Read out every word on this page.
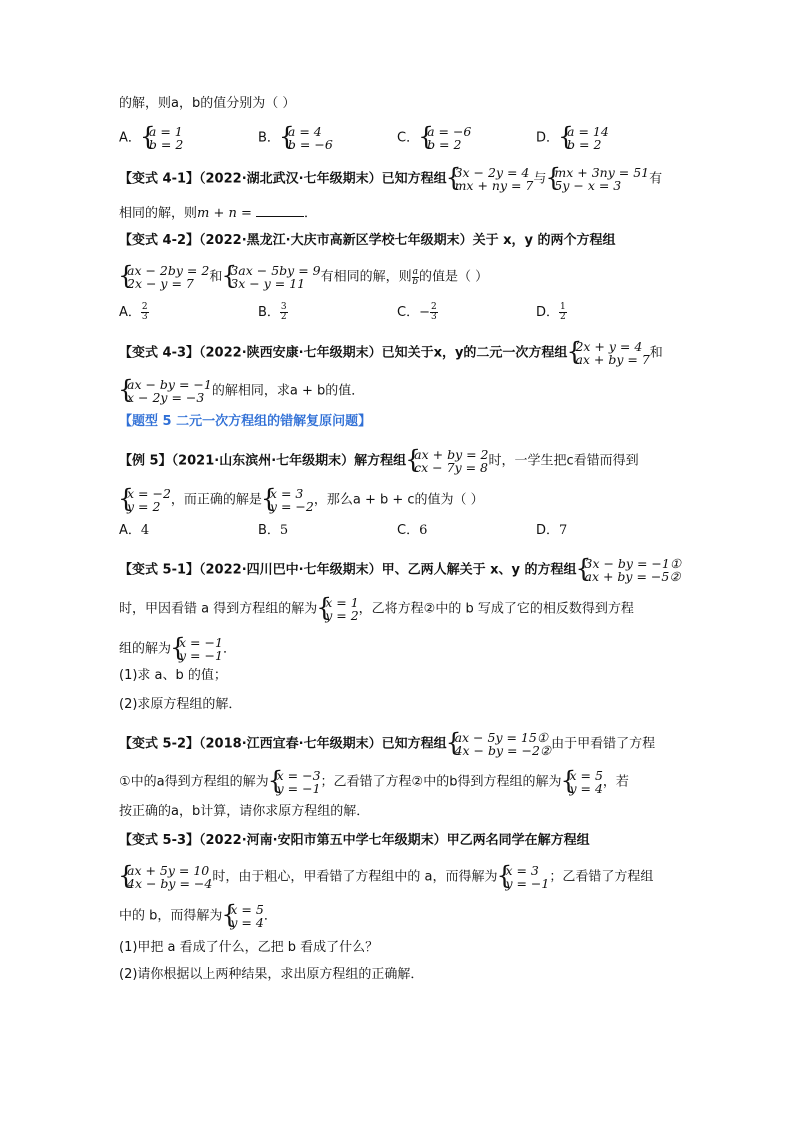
的解，则a，b的值分别为（ ）
A． { a = 1
b = 2	B． { a = 4
b = −6	C． { a = −6
b = 2	D． { a = 14
b = 2
【变式 4-1】（2022·湖北武汉·七年级期末）已知方程组 { 3x − 2y = 4
mx + ny = 7 与 { mx + 3ny = 51
5y − x = 3	有
相同的解，则m + n =	．
【变式 4-2】（2022·黑龙江·大庆市高新区学校七年级期末）关于 x，y 的两个方程组
{ ax − 2by = 2
2x − y = 7	和 { 3ax − 5by = 9
3x − y = 11	有相同的解，则 $\frac{a}{b}$ 的值是（ ）
A． $\frac{2}{3}$	B． $\frac{3}{2}$	C．− $\frac{2}{3}$	D． $\frac{1}{2}$
【变式 4-3】（2022·陕西安康·七年级期末）已知关于x，y的二元一次方程组 { 2x + y = 4
ax + by = 7 和
{ ax − by = −1
x − 2y = −3 的解相同，求a + b的值．
【题型 5 二元一次方程组的错解复原问题】
【例 5】（2021·山东滨州·七年级期末）解方程组 { ax + by = 2
cx − 7y = 8 时，一学生把c看错而得到
{ x = −2
y = 2 ，而正确的解是 { x = 3
y = −2 ，那么a + b + c的值为（ ）
A．4	B．5	C．6	D．7
【变式 5-1】（2022·四川巴中·七年级期末）甲、乙两人解关于 x、y 的方程组 { 3x − by = −1①
ax + by = −5②
时，甲因看错 a 得到方程组的解为 { x = 1
y = 2 ，乙将方程②中的 b 写成了它的相反数得到方程
组的解为 { x = −1
y = −1 ．
(1)求 a、b 的值；
(2)求原方程组的解．
【变式 5-2】（2018·江西宜春·七年级期末）已知方程组 { ax − 5y = 15①
4x − by = −2② 由于甲看错了方程
①中的a得到方程组的解为 { x = −3
y = −1 ；乙看错了方程②中的b得到方程组的解为 { x = 5
y = 4 ，若
按正确的a，b计算，请你求原方程组的解．
【变式 5-3】（2022·河南·安阳市第五中学七年级期末）甲乙两名同学在解方程组
{ ax + 5y = 10
4x − by = −4 时，由于粗心，甲看错了方程组中的 a，而得解为 { x = 3
y = −1 ；乙看错了方程组
中的 b，而得解为 { x = 5
y = 4 ．
(1)甲把 a 看成了什么，乙把 b 看成了什么？
(2)请你根据以上两种结果，求出原方程组的正确解．
